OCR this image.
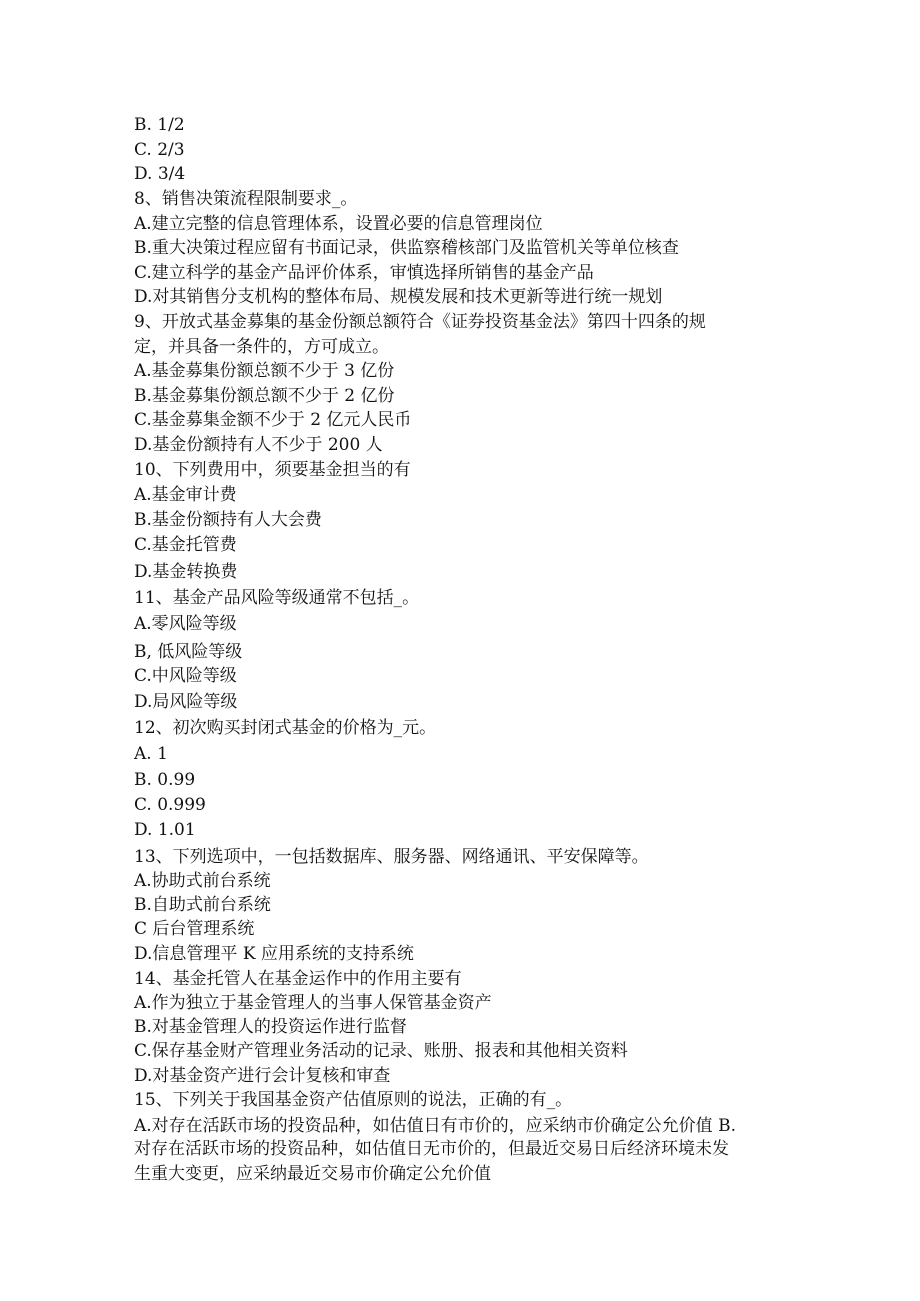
B. 1/2
C. 2/3
D. 3/4
8、销售决策流程限制要求_。
A.建立完整的信息管理体系，设置必要的信息管理岗位
B.重大决策过程应留有书面记录，供监察稽核部门及监管机关等单位核查
C.建立科学的基金产品评价体系，审慎选择所销售的基金产品
D.对其销售分支机构的整体布局、规模发展和技术更新等进行统一规划
9、开放式基金募集的基金份额总额符合《证券投资基金法》第四十四条的规
定，并具备一条件的，方可成立。
A.基金募集份额总额不少于 3 亿份
B.基金募集份额总额不少于 2 亿份
C.基金募集金额不少于 2 亿元人民币
D.基金份额持有人不少于 200 人
10、下列费用中，须要基金担当的有
A.基金审计费
B.基金份额持有人大会费
C.基金托管费
D.基金转换费
11、基金产品风险等级通常不包括_。
A.零风险等级
B, 低风险等级
C.中风险等级
D.局风险等级
12、初次购买封闭式基金的价格为_元。
A. 1
B. 0.99
C. 0.999
D. 1.01
13、下列选项中，一包括数据库、服务器、网络通讯、平安保障等。
A.协助式前台系统
B.自助式前台系统
C 后台管理系统
D.信息管理平 K 应用系统的支持系统
14、基金托管人在基金运作中的作用主要有
A.作为独立于基金管理人的当事人保管基金资产
B.对基金管理人的投资运作进行监督
C.保存基金财产管理业务活动的记录、账册、报表和其他相关资料
D.对基金资产进行会计复核和审查
15、下列关于我国基金资产估值原则的说法，正确的有_。
A.对存在活跃市场的投资品种，如估值日有市价的，应采纳市价确定公允价值 B.
对存在活跃市场的投资品种，如估值日无市价的，但最近交易日后经济环境未发
生重大变更，应采纳最近交易市价确定公允价值
